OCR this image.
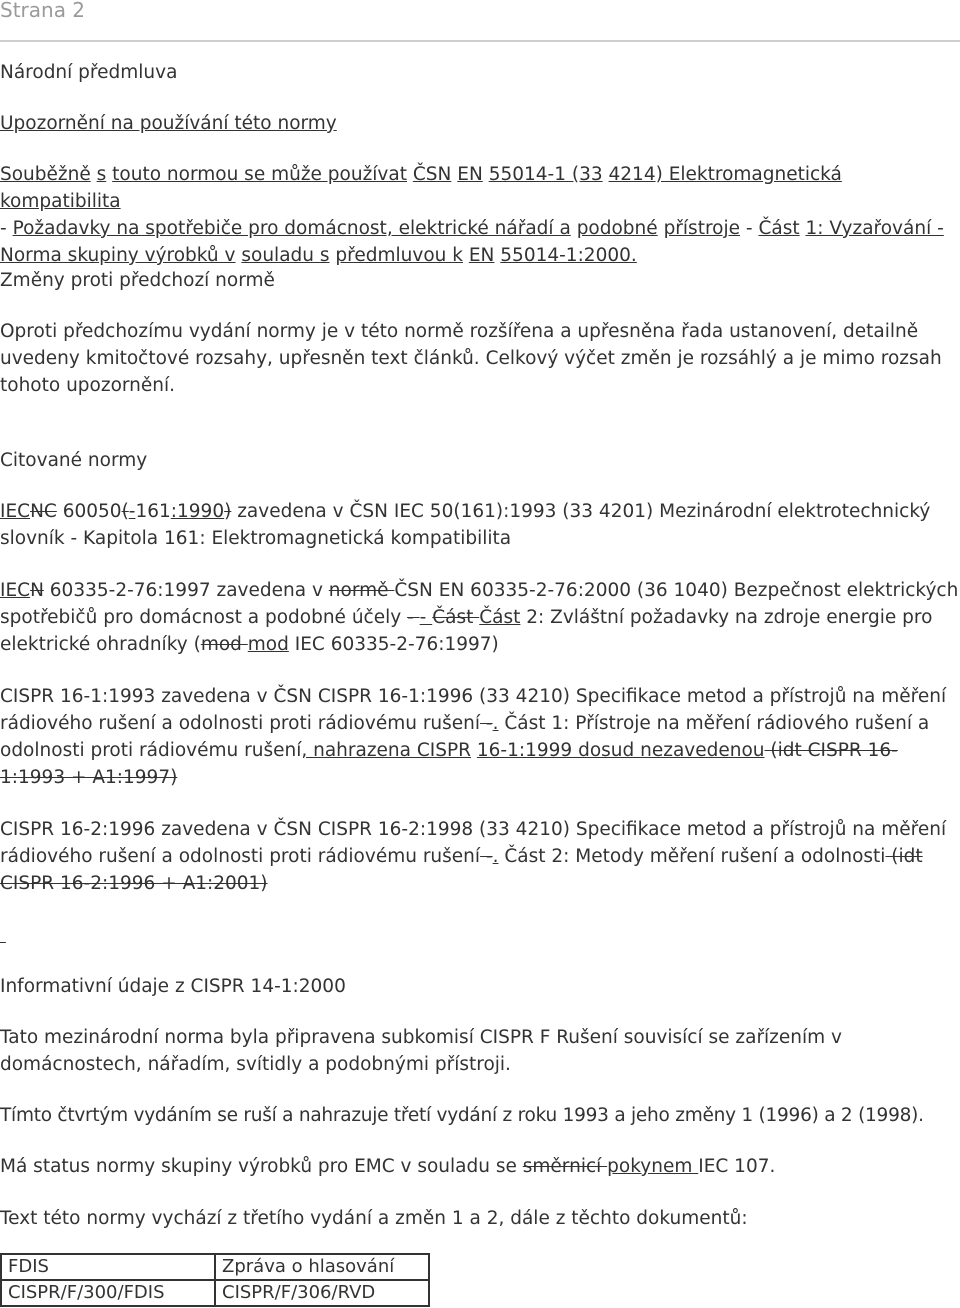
Strana 2

Národní předmluva

Upozornění na používání této normy

Souběžně s touto normou se může používat ČSN EN 55014-1 (33 4214) Elektromagnetická kompatibilita
- Požadavky na spotřebiče pro domácnost, elektrické nářadí a podobné přístroje - Část 1: Vyzařování -
Norma skupiny výrobků v souladu s předmluvou k EN 55014-1:2000.

Změny proti předchozí normě

Oproti předchozímu vydání normy je v této normě rozšířena a upřesněna řada ustanovení, detailně uvedeny kmitočtové rozsahy, upřesněn text článků. Celkový výčet změn je rozsáhlý a je mimo rozsah tohoto upozornění.

Citované normy

IECNC 60050(-161:1990) zavedena v ČSN IEC 50(161):1993 (33 4201) Mezinárodní elektrotechnický slovník - Kapitola 161: Elektromagnetická kompatibilita

IECN 60335-2-76:1997 zavedena v normě ČSN EN 60335-2-76:2000 (36 1040) Bezpečnost elektrických spotřebičů pro domácnost a podobné účely - - Část Část 2: Zvláštní požadavky na zdroje energie pro elektrické ohradníky (mod mod IEC 60335-2-76:1997)

CISPR 16-1:1993 zavedena v ČSN CISPR 16-1:1996 (33 4210) Specifikace metod a přístrojů na měření rádiového rušení a odolnosti proti rádiovému rušení -. Část 1: Přístroje na měření rádiového rušení a odolnosti proti rádiovému rušení, nahrazena CISPR 16-1:1999 dosud nezavedenou (idt CISPR 16-1:1993 + A1:1997)

CISPR 16-2:1996 zavedena v ČSN CISPR 16-2:1998 (33 4210) Specifikace metod a přístrojů na měření rádiového rušení a odolnosti proti rádiovému rušení -. Část 2: Metody měření rušení a odolnosti (idt CISPR 16-2:1996 + A1:2001)

Informativní údaje z CISPR 14-1:2000

Tato mezinárodní norma byla připravena subkomisí CISPR F Rušení souvisící se zařízením v domácnostech, nářadím, svítidly a podobnými přístroji.

Tímto čtvrtým vydáním se ruší a nahrazuje třetí vydání z roku 1993 a jeho změny 1 (1996) a 2 (1998).

Má status normy skupiny výrobků pro EMC v souladu se směrnicí pokynem IEC 107.

Text této normy vychází z třetího vydání a změn 1 a 2, dále z těchto dokumentů:

FDIS	Zpráva o hlasování
CISPR/F/300/FDIS	CISPR/F/306/RVD
